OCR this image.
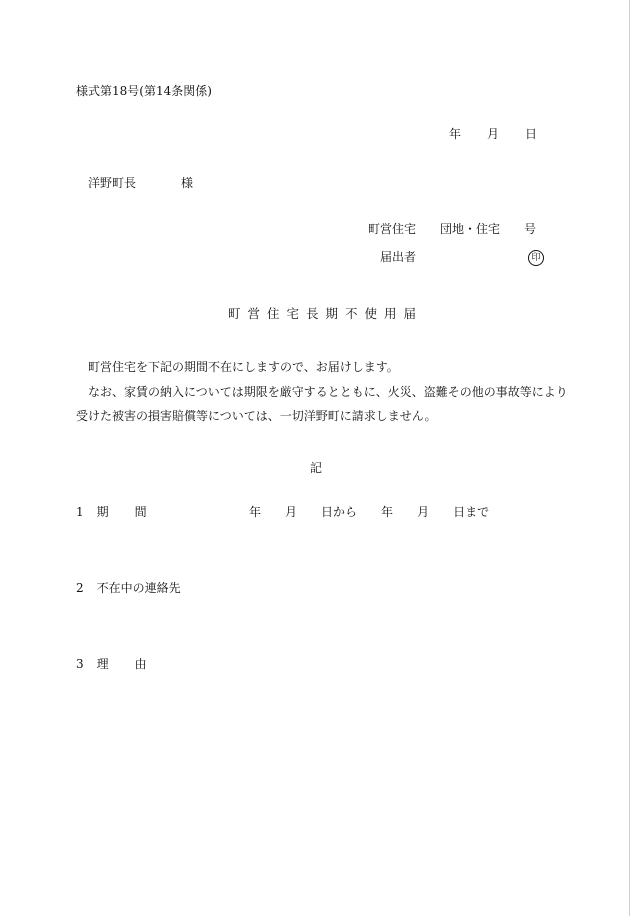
様式第18号(第14条関係)
年 月 日
洋野町長	様
町営住宅 団地・住宅 号
届出者	印
町営住宅長期不使用届
町営住宅を下記の期間不在にしますので、お届けします。
なお、家賃の納入については期限を厳守するとともに、火災、盗難その他の事故等により
受けた被害の損害賠償等については、一切洋野町に請求しません。
記
1 期 間	年 月 日から 年 月 日まで
2 不在中の連絡先
3 理 由
